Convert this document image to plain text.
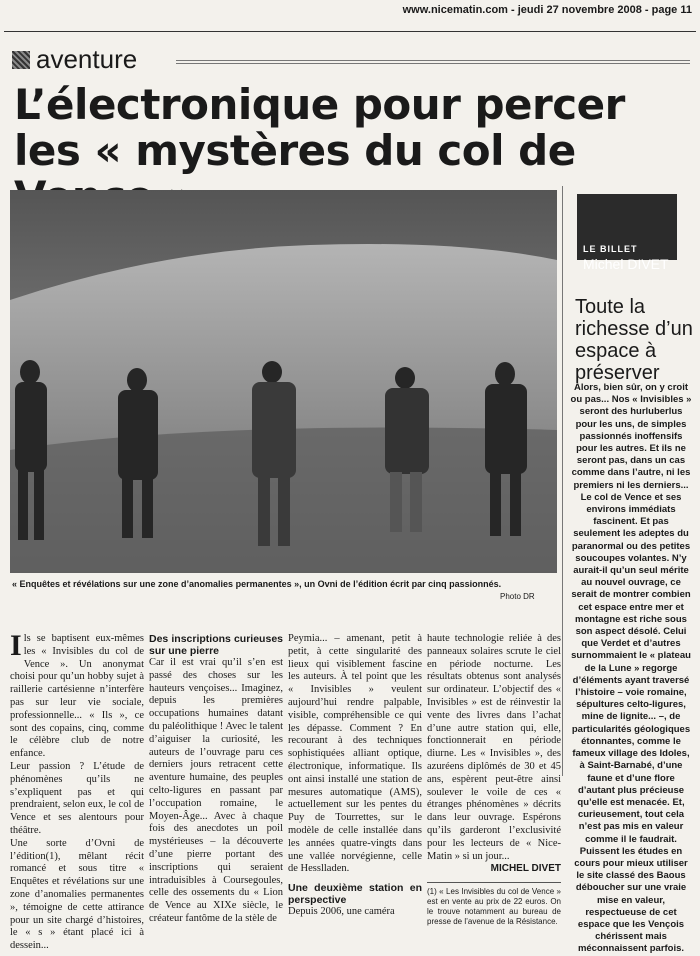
www.nicematin.com - jeudi 27 novembre 2008 - page 11
aventure
L’électronique pour percer
les « mystères du col de
« Enquêtes et révélations sur une zone d’anomalies permanentes », un Ovni de l’édition écrit par cinq passionnés.
Photo DR
LE BILLET
Michel DIVET
Toute la richesse d’un espace à préserver
Alors, bien sûr, on y croit ou pas... Nos « Invisibles » seront des hurluberlus pour les uns, de simples passionnés inoffensifs pour les autres. Et ils ne seront pas, dans un cas comme dans l’autre, ni les premiers ni les derniers... Le col de Vence et ses environs immédiats fascinent. Et pas seulement les adeptes du paranormal ou des petites soucoupes volantes. N’y aurait-il qu’un seul mérite au nouvel ouvrage, ce serait de montrer combien cet espace entre mer et montagne est riche sous son aspect désolé. Celui que Verdet et d’autres surnommaient le « plateau de la Lune » regorge d’éléments ayant traversé l’histoire – voie romaine, sépultures celto-ligures, mine de lignite... –, de particularités géologiques étonnantes, comme le fameux village des Idoles, à Saint-Barnabé, d’une faune et d’une flore d’autant plus précieuse qu’elle est menacée. Et, curieusement, tout cela n’est pas mis en valeur comme il le faudrait. Puissent les études en cours pour mieux utiliser le site classé des Baous déboucher sur une vraie mise en valeur, respectueuse de cet espace que les Vençois chérissent mais méconnaissent parfois.
I ls se baptisent eux-mêmes les « Invisibles du col de Vence ». Un anonymat choisi pour qu’un hobby sujet à raillerie cartésienne n’interfère pas sur leur vie sociale, professionnelle... « Ils », ce sont des copains, cinq, comme le célèbre club de notre enfance.
Leur passion ? L’étude de phénomènes qu’ils ne s’expliquent pas et qui prendraient, selon eux, le col de Vence et ses alentours pour théâtre.
Une sorte d’Ovni de l’édition(1), mêlant récit romancé et sous titre « Enquêtes et révélations sur une zone d’anomalies permanentes », témoigne de cette attirance pour un site chargé d’histoires, le « s » étant placé ici à dessein...
Des inscriptions curieuses sur une pierre
Car il est vrai qu’il s’en est passé des choses sur les hauteurs vençoises... Imaginez, depuis les premières occupations humaines datant du paléolithique ! Avec le talent d’aiguiser la curiosité, les auteurs de l’ouvrage paru ces derniers jours retracent cette aventure humaine, des peuples celto-ligures en passant par l’occupation romaine, le Moyen-Âge... Avec à chaque fois des anecdotes un poil mystérieuses – la découverte d’une pierre portant des inscriptions qui seraient intraduisibles à Coursegoules, celle des ossements du « Lion de Vence au XIXe siècle, le créateur fantôme de la stèle de
Peymia... – amenant, petit à petit, à cette singularité des lieux qui visiblement fascine les auteurs. À tel point que les « Invisibles » veulent aujourd’hui rendre palpable, visible, compréhensible ce qui les dépasse. Comment ? En recourant à des techniques sophistiquées alliant optique, électronique, informatique. Ils ont ainsi installé une station de mesures automatique (AMS), actuellement sur les pentes du Puy de Tourrettes, sur le modèle de celle installée dans les années quatre-vingts dans une vallée norvégienne, celle de Hesslladen.
Une deuxième station en perspective
Depuis 2006, une caméra
haute technologie reliée à des panneaux solaires scrute le ciel en période nocturne. Les résultats obtenus sont analysés sur ordinateur. L’objectif des « Invisibles » est de réinvestir la vente des livres dans l’achat d’une autre station qui, elle, fonctionnerait en période diurne. Les « Invisibles », des azuréens diplômés de 30 et 45 ans, espèrent peut-être ainsi soulever le voile de ces « étranges phénomènes » décrits dans leur ouvrage. Espérons qu’ils garderont l’exclusivité pour les lecteurs de « Nice-Matin » si un jour...
MICHEL DIVET
(1) « Les Invisibles du col de Vence » est en vente au prix de 22 euros. On le trouve notamment au bureau de presse de l’avenue de la Résistance.
